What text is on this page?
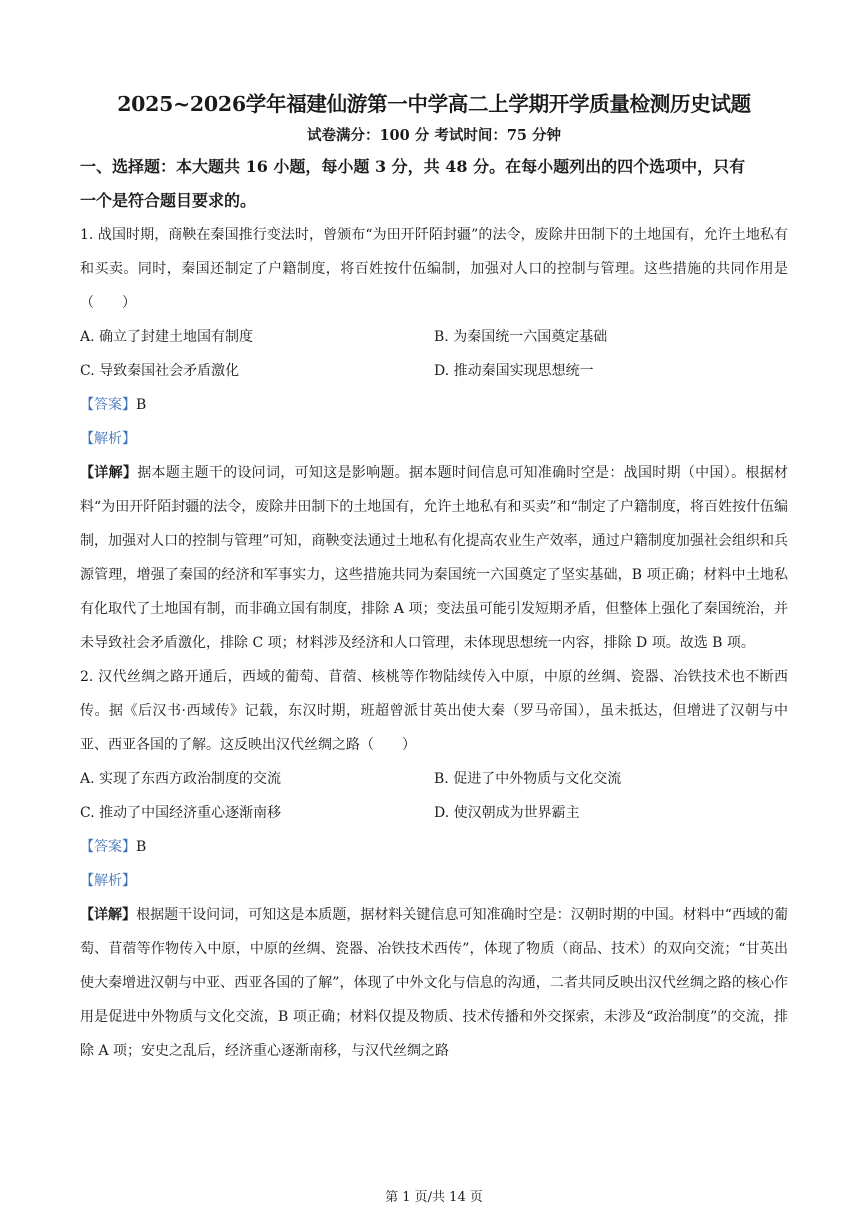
2025~2026学年福建仙游第一中学高二上学期开学质量检测历史试题
试卷满分：100 分 考试时间：75 分钟

一、选择题：本大题共 16 小题，每小题 3 分，共 48 分。在每小题列出的四个选项中，只有
一个是符合题目要求的。

1. 战国时期，商鞅在秦国推行变法时，曾颁布“为田开阡陌封疆”的法令，废除井田制下的土地国有，允许土地私有和买卖。同时，秦国还制定了户籍制度，将百姓按什伍编制，加强对人口的控制与管理。这些措施的共同作用是（　　）

A. 确立了封建土地国有制度	B. 为秦国统一六国奠定基础
C. 导致秦国社会矛盾激化	D. 推动秦国实现思想统一
【答案】B
【解析】

【详解】据本题主题干的设问词，可知这是影响题。据本题时间信息可知准确时空是：战国时期（中国）。根据材料“为田开阡陌封疆的法令，废除井田制下的土地国有，允许土地私有和买卖”和“制定了户籍制度，将百姓按什伍编制，加强对人口的控制与管理”可知，商鞅变法通过土地私有化提高农业生产效率，通过户籍制度加强社会组织和兵源管理，增强了秦国的经济和军事实力，这些措施共同为秦国统一六国奠定了坚实基础，B 项正确；材料中土地私有化取代了土地国有制，而非确立国有制度，排除 A 项；变法虽可能引发短期矛盾，但整体上强化了秦国统治，并未导致社会矛盾激化，排除 C 项；材料涉及经济和人口管理，未体现思想统一内容，排除 D 项。故选 B 项。

2. 汉代丝绸之路开通后，西域的葡萄、苜蓿、核桃等作物陆续传入中原，中原的丝绸、瓷器、冶铁技术也不断西传。据《后汉书·西域传》记载，东汉时期，班超曾派甘英出使大秦（罗马帝国），虽未抵达，但增进了汉朝与中亚、西亚各国的了解。这反映出汉代丝绸之路（　　）

A. 实现了东西方政治制度的交流	B. 促进了中外物质与文化交流
C. 推动了中国经济重心逐渐南移	D. 使汉朝成为世界霸主
【答案】B
【解析】

【详解】根据题干设问词，可知这是本质题，据材料关键信息可知准确时空是：汉朝时期的中国。材料中“西域的葡萄、苜蓿等作物传入中原，中原的丝绸、瓷器、冶铁技术西传”，体现了物质（商品、技术）的双向交流；“甘英出使大秦增进汉朝与中亚、西亚各国的了解”，体现了中外文化与信息的沟通，二者共同反映出汉代丝绸之路的核心作用是促进中外物质与文化交流，B 项正确；材料仅提及物质、技术传播和外交探索，未涉及“政治制度”的交流，排除 A 项；安史之乱后，经济重心逐渐南移，与汉代丝绸之路

第 1 页/共 14 页
